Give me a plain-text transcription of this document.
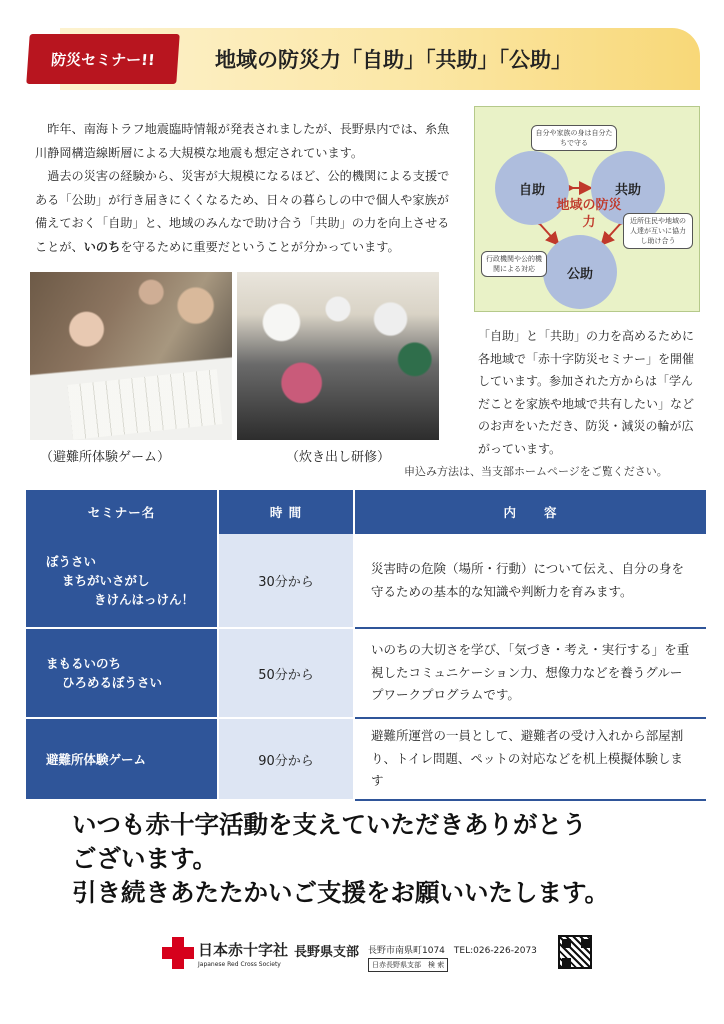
防災セミナー!!	地域の防災力「自助」「共助」「公助」

昨年、南海トラフ地震臨時情報が発表されましたが、長野県内では、糸魚川静岡構造線断層による大規模な地震も想定されています。

過去の災害の経験から、災害が大規模になるほど、公的機関による支援である「公助」が行き届きにくくなるため、日々の暮らしの中で個人や家族が備えておく「自助」と、地域のみんなで助け合う「共助」の力を向上させることが、いのちを守るために重要だということが分かっています。

自助	共助
公助
地域の防災力
自分や家族の身は自分たちで守る
近所住民や地域の人達が互いに協力し助け合う
行政機関や公的機関による対応

「自助」と「共助」の力を高めるために各地域で「赤十字防災セミナー」を開催しています。参加された方からは「学んだことを家族や地域で共有したい」などのお声をいただき、防災・減災の輪が広がっています。

（避難所体験ゲーム）	（炊き出し研修）

申込み方法は、当支部ホームページをご覧ください。

セミナー名	時 間	内　　容

ぼうさい
まちがいさがし
きけんはっけん！	30分から	災害時の危険（場所・行動）について伝え、自分の身を守るための基本的な知識や判断力を育みます。

まもるいのち
ひろめるぼうさい	50分から	いのちの大切さを学び、「気づき・考え・実行する」を重視したコミュニケーション力、想像力などを養うグループワークプログラムです。

避難所体験ゲーム	90分から	避難所運営の一員として、避難者の受け入れから部屋割り、トイレ問題、ペットの対応などを机上模擬体験します
いつも赤十字活動を支えていただきありがとう
ございます。
引き続きあたたかいご支援をお願いいたします。
日本赤十字社
Japanese Red Cross Society
長野県支部 長野市南県町1074　TEL:026-226-2073
日赤長野県支部　検 索
